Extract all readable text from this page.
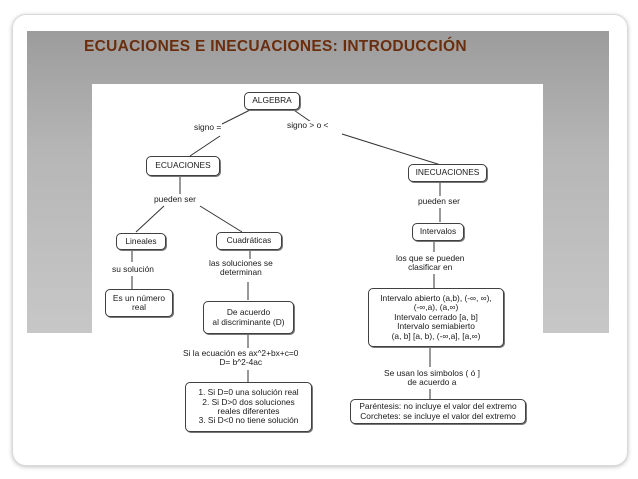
ECUACIONES E INECUACIONES: INTRODUCCIÓN
ALGEBRA
signo =	signo > o <
ECUACIONES
INECUACIONES
pueden ser	pueden ser
Lineales	Cuadráticas
su solución
las soluciones se
determinan
Es un número
real
De acuerdo
al discriminante (D)
Si la ecuación es ax^2+bx+c=0
D= b^2-4ac
1. Si D=0 una solución real
2. Si D>0 dos soluciones
reales diferentes
3. Si D<0 no tiene solución
Intervalos
los que se pueden
clasificar en
Intervalo abierto (a,b), (-∞, ∞),
(-∞,a), (a,∞)
Intervalo cerrado [a, b]
Intervalo semiabierto
(a, b] [a, b), (-∞,a], [a,∞)
Se usan los simbolos ( ó ]
de acuerdo a
Paréntesis: no incluye el valor del extremo
Corchetes: se incluye el valor del extremo
